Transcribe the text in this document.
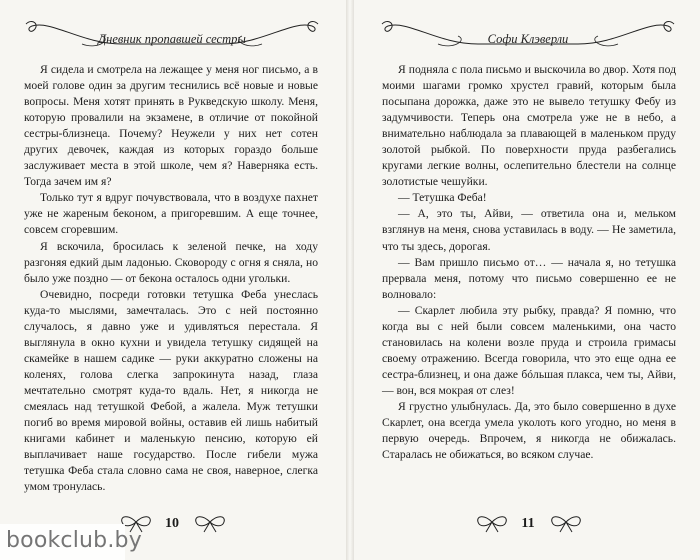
Дневник пропавшей сестры

Я сидела и смотрела на лежащее у меня ног письмо, а в моей голове один за другим теснились всё новые и новые вопросы. Меня хотят принять в Рукведскую школу. Меня, которую провалили на экзамене, в отличие от покойной сестры-близнеца. Почему? Неужели у них нет сотен других девочек, каждая из которых гораздо больше заслуживает места в этой школе, чем я? Наверняка есть. Тогда зачем им я?

Только тут я вдруг почувствовала, что в воздухе пахнет уже не жареным беконом, а пригоревшим. А еще точнее, совсем сгоревшим.

Я вскочила, бросилась к зеленой печке, на ходу разгоняя едкий дым ладонью. Сковороду с огня я сняла, но было уже поздно — от бекона осталось одни угольки.

Очевидно, посреди готовки тетушка Феба унеслась куда-то мыслями, замечталась. Это с ней постоянно случалось, я давно уже и удивляться перестала. Я выглянула в окно кухни и увидела тетушку сидящей на скамейке в нашем садике — руки аккуратно сложены на коленях, голова слегка запрокинута назад, глаза мечтательно смотрят куда-то вдаль. Нет, я никогда не смеялась над тетушкой Фебой, а жалела. Муж тетушки погиб во время мировой войны, оставив ей лишь набитый книгами кабинет и маленькую пенсию, которую ей выплачивает наше государство. После гибели мужа тетушка Феба стала словно сама не своя, наверное, слегка умом тронулась.

10
Софи Клэверли

Я подняла с пола письмо и выскочила во двор. Хотя под моими шагами громко хрустел гравий, которым была посыпана дорожка, даже это не вывело тетушку Фебу из задумчивости. Теперь она смотрела уже не в небо, а внимательно наблюдала за плавающей в маленьком пруду золотой рыбкой. По поверхности пруда разбегались кругами легкие волны, ослепительно блестели на солнце золотистые чешуйки.

— Тетушка Феба!

— А, это ты, Айви, — ответила она и, мельком взглянув на меня, снова уставилась в воду. — Не заметила, что ты здесь, дорогая.

— Вам пришло письмо от… — начала я, но тетушка прервала меня, потому что письмо совершенно ее не волновало:

— Скарлет любила эту рыбку, правда? Я помню, что когда вы с ней были совсем маленькими, она часто становилась на колени возле пруда и строила гримасы своему отражению. Всегда говорила, что это еще одна ее сестра-близнец, и она даже бóльшая плакса, чем ты, Айви, — вон, вся мокрая от слез!

Я грустно улыбнулась. Да, это было совершенно в духе Скарлет, она всегда умела уколоть кого угодно, но меня в первую очередь. Впрочем, я никогда не обижалась. Старалась не обижаться, во всяком случае.

11
bookclub.by
